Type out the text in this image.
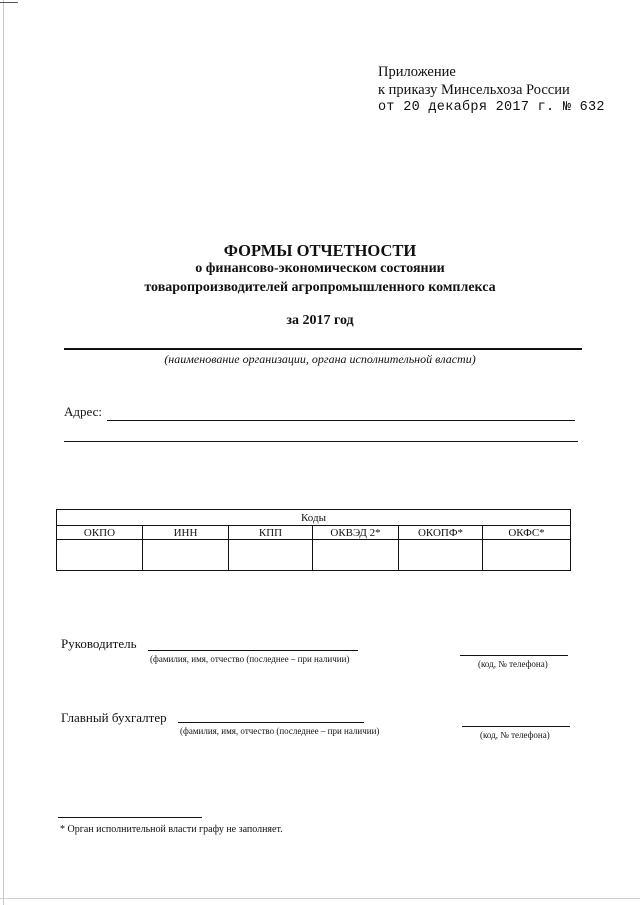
Приложение
к приказу Минсельхоза России
от 20 декабря 2017 г. № 632
ФОРМЫ ОТЧЕТНОСТИ
о финансово-экономическом состоянии
товаропроизводителей агропромышленного комплекса
за 2017 год
(наименование организации, органа исполнительной власти)
Адрес:
Коды					
ОКПО	ИНН	КПП	ОКВЭД 2*	ОКОПФ*	ОКФС*

Руководитель
(фамилия, имя, отчество (последнее – при наличии)	(код, № телефона)
Главный бухгалтер
(фамилия, имя, отчество (последнее – при наличии)	(код, № телефона)
* Орган исполнительной власти графу не заполняет.
